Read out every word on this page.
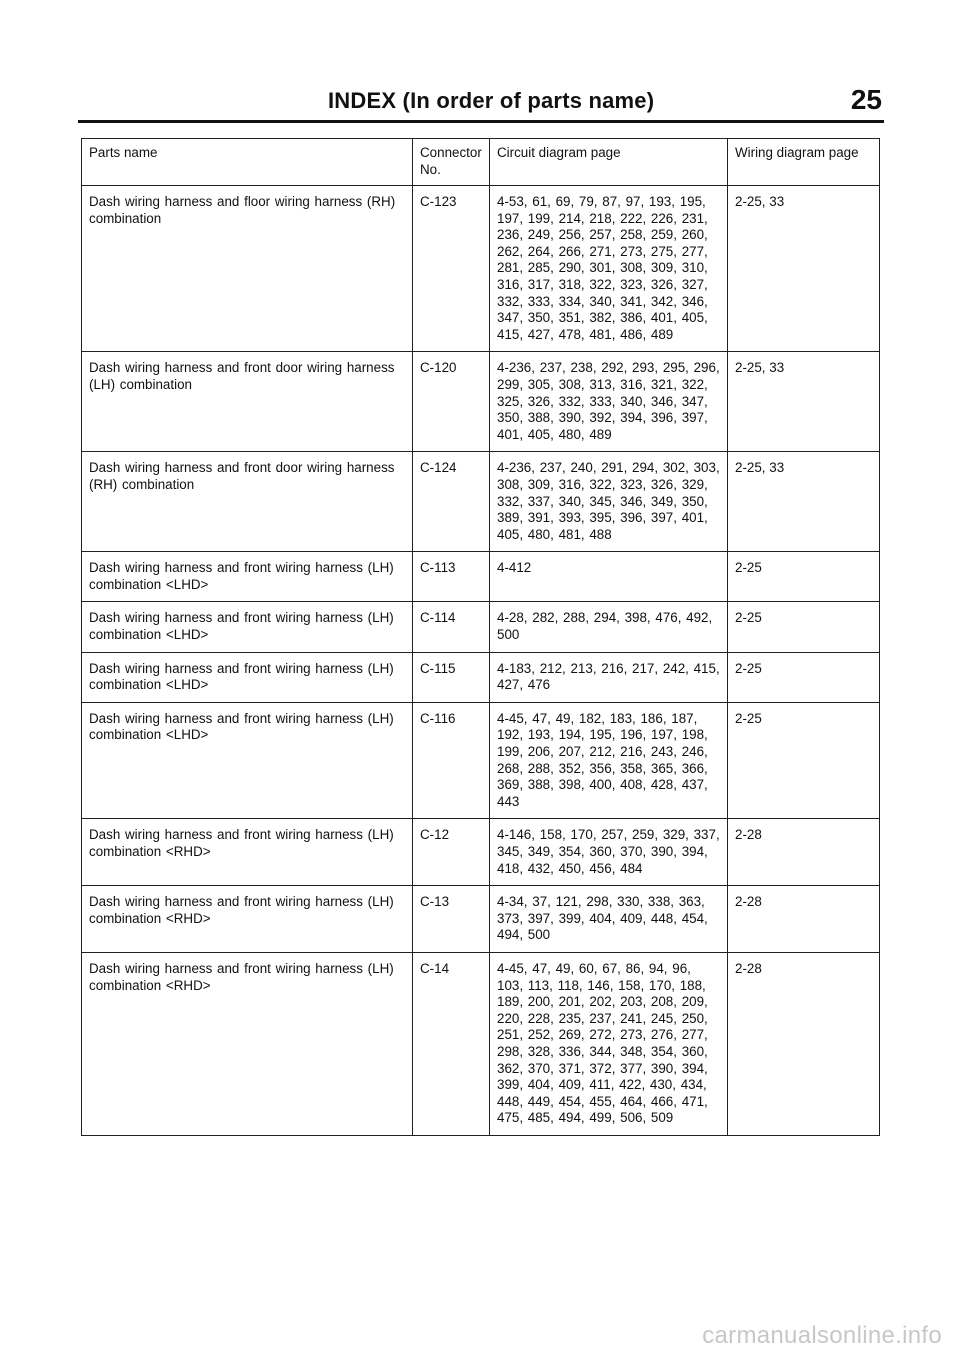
INDEX (In order of parts name)	25
Parts name	Connector No.	Circuit diagram page	Wiring diagram page
Dash wiring harness and floor wiring harness (RH) combination	C-123	4-53, 61, 69, 79, 87, 97, 193, 195, 197, 199, 214, 218, 222, 226, 231, 236, 249, 256, 257, 258, 259, 260, 262, 264, 266, 271, 273, 275, 277, 281, 285, 290, 301, 308, 309, 310, 316, 317, 318, 322, 323, 326, 327, 332, 333, 334, 340, 341, 342, 346, 347, 350, 351, 382, 386, 401, 405, 415, 427, 478, 481, 486, 489	2-25, 33
Dash wiring harness and front door wiring harness (LH) combination	C-120	4-236, 237, 238, 292, 293, 295, 296, 299, 305, 308, 313, 316, 321, 322, 325, 326, 332, 333, 340, 346, 347, 350, 388, 390, 392, 394, 396, 397, 401, 405, 480, 489	2-25, 33
Dash wiring harness and front door wiring harness (RH) combination	C-124	4-236, 237, 240, 291, 294, 302, 303, 308, 309, 316, 322, 323, 326, 329, 332, 337, 340, 345, 346, 349, 350, 389, 391, 393, 395, 396, 397, 401, 405, 480, 481, 488	2-25, 33
Dash wiring harness and front wiring harness (LH) combination <LHD>	C-113	4-412	2-25
Dash wiring harness and front wiring harness (LH) combination <LHD>	C-114	4-28, 282, 288, 294, 398, 476, 492, 500	2-25
Dash wiring harness and front wiring harness (LH) combination <LHD>	C-115	4-183, 212, 213, 216, 217, 242, 415, 427, 476	2-25
Dash wiring harness and front wiring harness (LH) combination <LHD>	C-116	4-45, 47, 49, 182, 183, 186, 187, 192, 193, 194, 195, 196, 197, 198, 199, 206, 207, 212, 216, 243, 246, 268, 288, 352, 356, 358, 365, 366, 369, 388, 398, 400, 408, 428, 437, 443	2-25
Dash wiring harness and front wiring harness (LH) combination <RHD>	C-12	4-146, 158, 170, 257, 259, 329, 337, 345, 349, 354, 360, 370, 390, 394, 418, 432, 450, 456, 484	2-28
Dash wiring harness and front wiring harness (LH) combination <RHD>	C-13	4-34, 37, 121, 298, 330, 338, 363, 373, 397, 399, 404, 409, 448, 454, 494, 500	2-28
Dash wiring harness and front wiring harness (LH) combination <RHD>	C-14	4-45, 47, 49, 60, 67, 86, 94, 96, 103, 113, 118, 146, 158, 170, 188, 189, 200, 201, 202, 203, 208, 209, 220, 228, 235, 237, 241, 245, 250, 251, 252, 269, 272, 273, 276, 277, 298, 328, 336, 344, 348, 354, 360, 362, 370, 371, 372, 377, 390, 394, 399, 404, 409, 411, 422, 430, 434, 448, 449, 454, 455, 464, 466, 471, 475, 485, 494, 499, 506, 509	2-28
carmanualsonline.info
